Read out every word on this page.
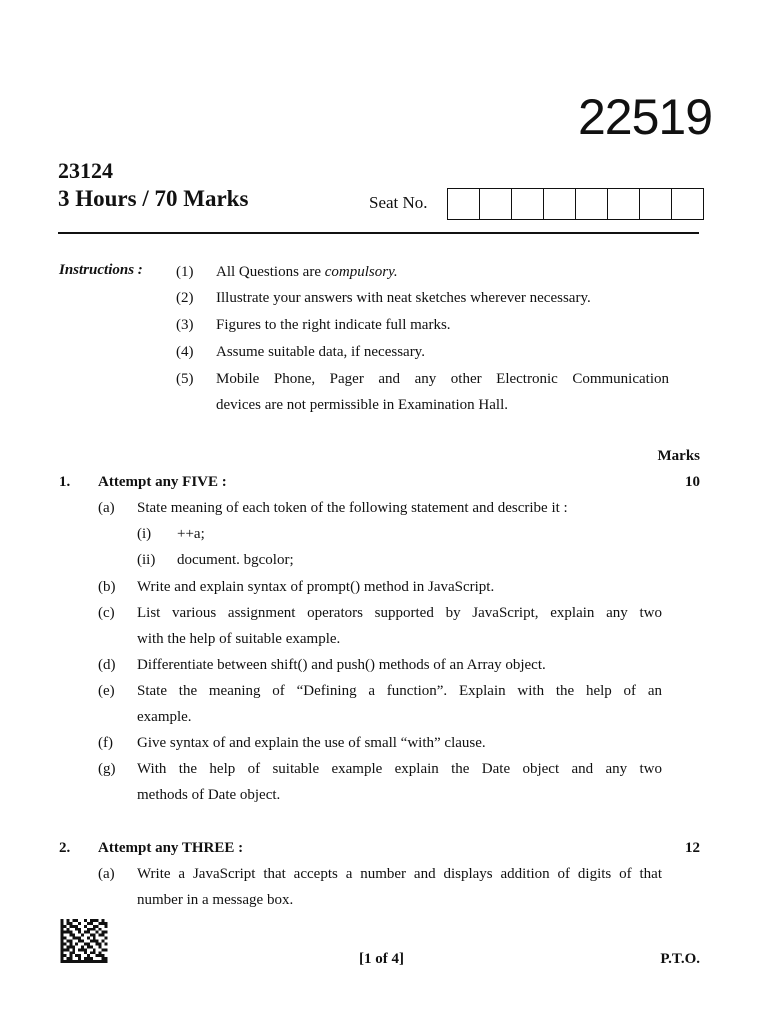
22519
23124
3 Hours / 70 Marks	Seat No.
Instructions : (1) All Questions are compulsory.
(2) Illustrate your answers with neat sketches wherever necessary.
(3) Figures to the right indicate full marks.
(4) Assume suitable data, if necessary.
(5) Mobile Phone, Pager and any other Electronic Communication
devices are not permissible in Examination Hall.
Marks
1. Attempt any FIVE :	10
(a) State meaning of each token of the following statement and describe it :
(i) ++a;
(ii) document. bgcolor;
(b) Write and explain syntax of prompt() method in JavaScript.
(c) List various assignment operators supported by JavaScript, explain any two
with the help of suitable example.
(d) Differentiate between shift() and push() methods of an Array object.
(e) State the meaning of “Defining a function”. Explain with the help of an
example.
(f) Give syntax of and explain the use of small “with” clause.
(g) With the help of suitable example explain the Date object and any two
methods of Date object.
2. Attempt any THREE :	12
(a) Write a JavaScript that accepts a number and displays addition of digits of that
number in a message box.
[1 of 4]	P.T.O.
